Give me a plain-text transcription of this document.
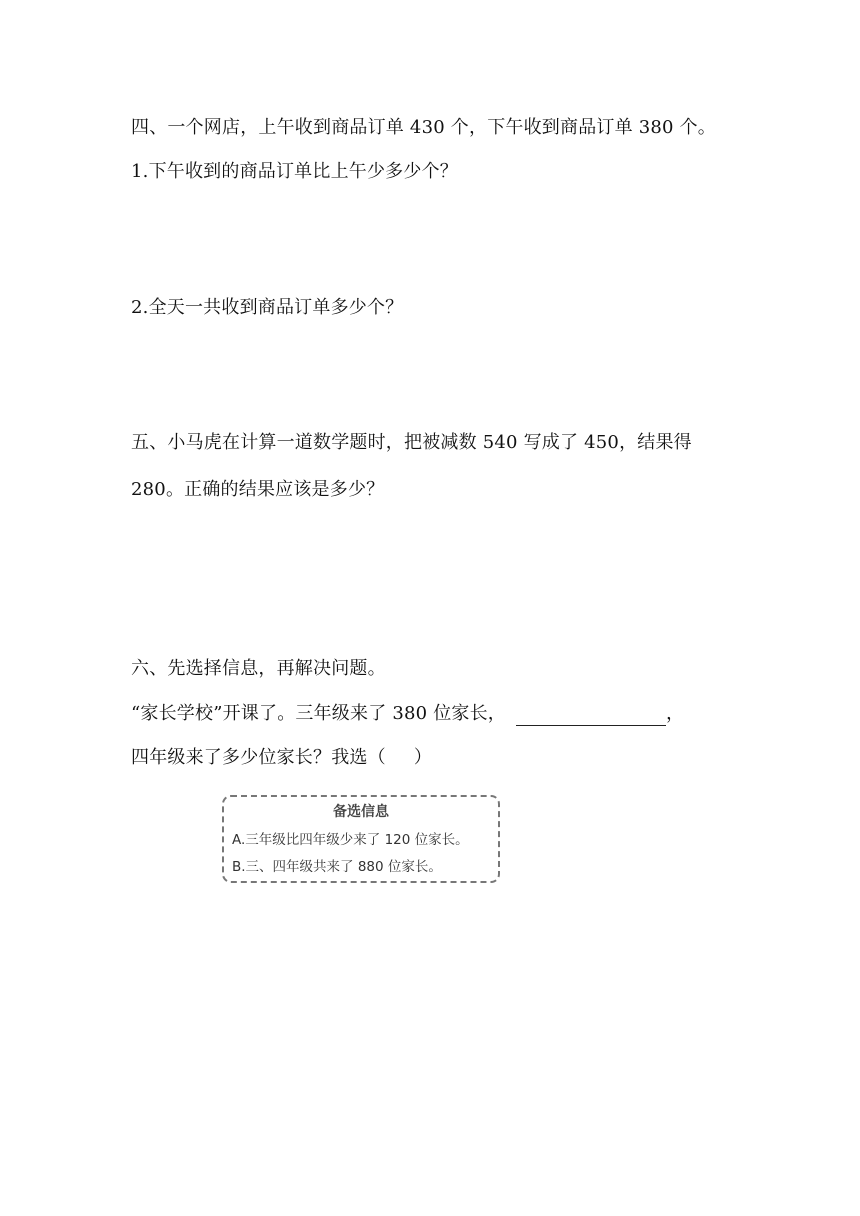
四、一个网店，上午收到商品订单 430 个，下午收到商品订单 380 个。
1.下午收到的商品订单比上午少多少个？
2.全天一共收到商品订单多少个？
五、小马虎在计算一道数学题时，把被减数 540 写成了 450，结果得
280。正确的结果应该是多少？
六、先选择信息，再解决问题。
“家长学校”开课了。三年级来了 380 位家长，	，
四年级来了多少位家长？我选（ ）
备选信息
A.三年级比四年级少来了 120 位家长。
B.三、四年级共来了 880 位家长。
